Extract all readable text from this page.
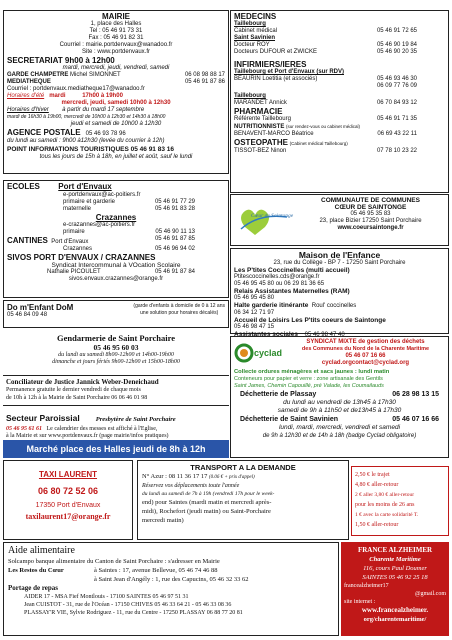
MAIRIE
1, place des Halles
Tel : 05 46 91 73 31
Fax : 05 46 91 82 31
Courriel : mairie.portdenvaux@wanadoo.fr
Site : www.portdenvaux.fr
SECRETARIAT 9h00 à 12h00
mardi, mercredi, jeudi, vendredi, samedi
GARDE CHAMPETRE Michel SIMONNET	06 08 98 88 17
MEDIATHEQUE	05 46 91 87 86
Courriel : portdenvaux.mediatheque17@wanadoo.fr
Horaires d'été mardi	17h00 à 19h00
mercredi, jeudi, samedi 10h00 à 12h30
Horaires d'hiver à partir du mardi 17 septembre
mardi de 16h30 à 19h00, mercredi de 10h00 à 12h30 et 14h30 à 18h00
jeudi et samedi de 10h00 à 12h30
AGENCE POSTALE 05 46 93 78 96
du lundi au samedi : 9h00 à12h30 (levée du courrier à 12h)
POINT INFORMATIONS TOURISTIQUES 05 46 91 83 16
tous les jours de 15h à 18h, en juillet et août, sauf le lundi
MEDECINS
Taillebourg
Cabinet médical	05 46 91 72 65
Saint Savinien
Docteur ROY	05 46 90 19 84
Docteurs DUFOUR et ZWICKE	05 46 90 20 35
INFIRMIERS/IERES
Taillebourg et Port d'Envaux (sur RDV)
BEAURIN Loetitia (et associés)	05 46 93 46 30
06 09 77 76 09
Taillebourg
MARANDET Annick	06 70 84 93 12
PHARMACIE
Référente Taillebourg	05 46 91 71 35
NUTRITIONNISTE (sur rendez-vous ou cabinet médical)
BENAVENT-MARCO Béatrice	06 69 43 22 11
OSTEOPATHE (Cabinet médical Taillebourg)
TISSOT-BEZ Ninon	07 78 10 23 22
ECOLES Port d'Envaux
e-portdenvaux@ac-poitiers.fr
primaire et garderie	05 46 91 77 29
maternelle	05 46 91 83 28
Crazannes
e-crazannes@ac-poitiers.fr
primaire	05 46 90 11 13
CANTINES Port d'Envaux	05 46 91 87 85
Crazannes	05 46 96 94 02
SIVOS PORT D'ENVAUX / CRAZANNES
Syndicat Intercommunal à VOcation Scolaire
Nathalie PICOULET	05 46 91 87 84
sivos.envaux.crazannes@orange.fr
Do m'Enfant DoM
05 46 84 09 48
(garde d'enfants à domicile de 0 à 12 ans
une solution pour horaires décalés)
Cœur de Saintonge
COMMUNAUTE DE COMMUNES
CŒUR DE SAINTONGE
05 46 95 35 83
23, place Bizier 17250 Saint Porchaire
www.coeursaintonge.fr
Maison de l'Enfance
23, rue du Collège - BP 7 - 17250 Saint Porchaire
Les P'tites Coccinelles (multi accueil)
Ptitescoccinelles.cds@orange.fr
05 46 95 45 80 ou 06 29 81 36 65
Relais Assistantes Maternelles (RAM)
05 46 95 45 80
Halte garderie itinérante Roul' coccinelles
06 34 12 71 97
Accueil de Loisirs Les P'tits coeurs de Saintonge
05 46 98 47 15
Assistantes sociales 05 46 98 47 40
Gendarmerie de Saint Porchaire
05 46 95 60 03
du lundi au samedi 8h00-12h00 et 14h00-19h00
dimanche et jours fériés 9h00-12h00 et 15h00-18h00
Conciliateur de Justice Jannick Weber-Deneichaud
Permanence gratuite le dernier vendredi de chaque mois
de 10h à 12h à la Mairie de Saint Porchaire 06 06 46 01 98
Secteur Paroissial Presbytère de Saint Porchaire
05 46 95 61 61 Le calendrier des messes est affiché à l'Eglise,
à la Mairie et sur www.portdenvaux.fr (page mairie/infos pratiques)
Marché place des Halles jeudi de 8h à 12h
cyclad
SYNDICAT MIXTE de gestion des déchets
des Communes du Nord de la Charente Maritime
05 46 07 16 66
cyclad.orgcontact@cyclad.org
Collecte ordures ménagères et sacs jaunes : lundi matin
Conteneurs pour papier et verre : zone artisanale des Gentils
Saint James, Chemin Capouillé, pré Valade, les Coumailauds
Déchetterie de Plassay	06 28 98 13 15
du lundi au vendredi de 13h45 à 17h30
samedi de 9h à 11h50 et de13h45 à 17h30
Déchetterie de Saint Savinien	05 46 07 16 66
lundi, mardi, mercredi, vendredi et samedi
de 9h à 12h30 et de 14h à 18h (badge Cyclad obligatoire)
TAXI LAURENT
06 80 72 52 06
17350 Port d'Envaux
taxilaurent17@orange.fr
TRANSPORT A LA DEMANDE
N° Azur : 08 11 36 17 17 (0.06 € + prix d'appel)
Réservez vos déplacements toute l'année
du lundi au samedi de 7h à 19h (vendredi 17h pour le week-
end) pour Saintes (mardi matin et mercredi après-
midi), Rochefort (jeudi matin) ou Saint-Porchaire
mercredi matin)
2,50 € le trajet
4,80 € aller-retour
2 € aller 3,80 € aller-retour
pour les moins de 26 ans
1 € avec la carte solidarité T.
1,50 € aller-retour
Aide alimentaire
Solcampo banque alimentaire du Canton de Saint Porchaire : s'adresser en Mairie
Les Restos du Cœur	à Saintes : 17, avenue Bellevue, 05 46 74 46 88
à Saint Jean d'Angély : 1, rue des Capucins, 05 46 32 33 62
Portage de repas
AIDER 17 - MSA Fief Montlouis - 17100 SAINTES 05 46 97 51 31
Jean CUISTOT - 31, rue de l'Océan - 17150 CHIVES 05 46 33 64 21 - 05 46 33 08 36
PLASSAY'R VIE, Sylvie Rodriguez - 11, rue du Centre - 17250 PLASSAY 06 88 77 20 81
FRANCE ALZHEIMER
Charente Maritime
116, cours Paul Doumer
SAINTES 05 46 92 25 18
francealzheimer17
@gmail.com
site internet :
www.francealzheimer.
org/charentemaritime/
